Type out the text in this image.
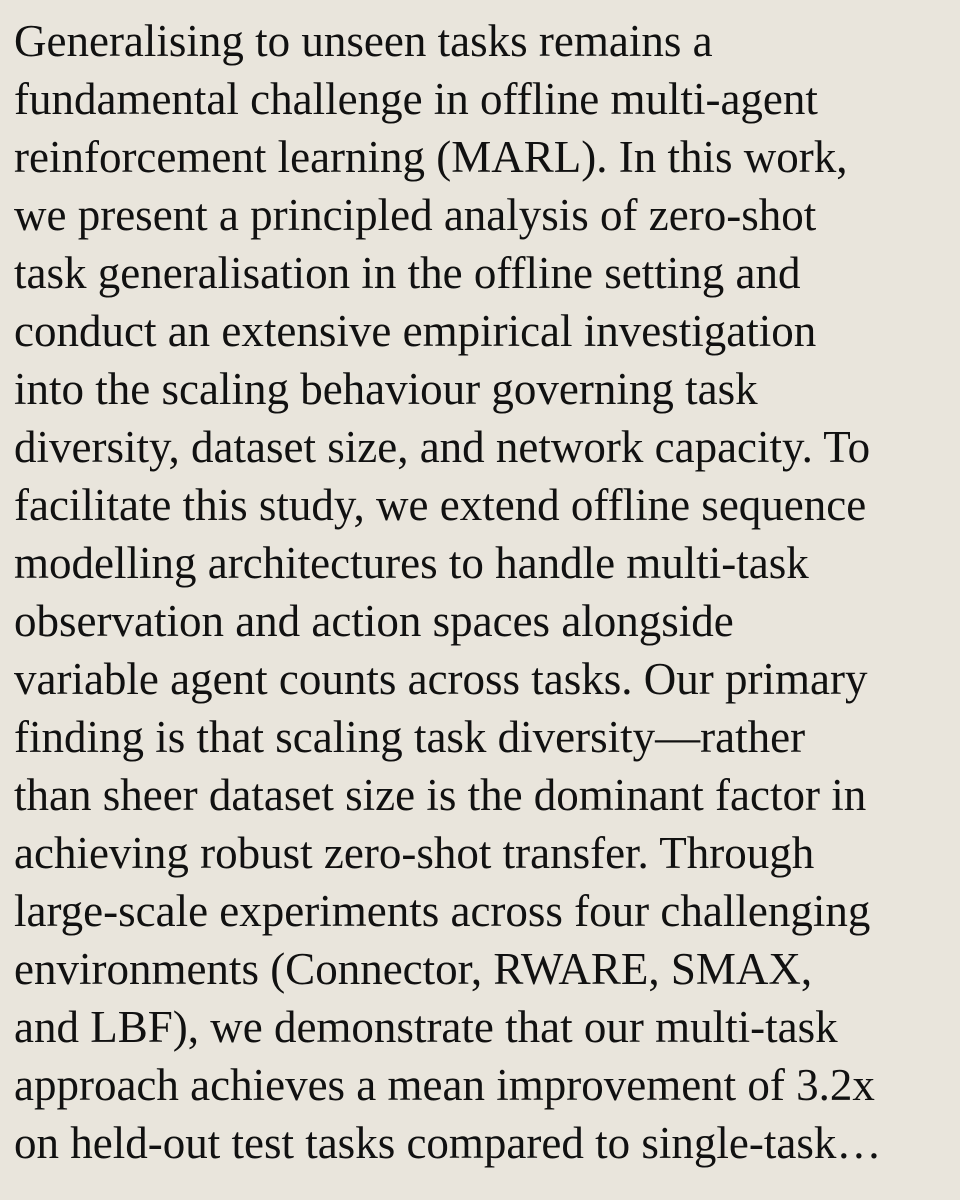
Generalising to unseen tasks remains a
fundamental challenge in offline multi-agent
reinforcement learning (MARL). In this work,
we present a principled analysis of zero-shot
task generalisation in the offline setting and
conduct an extensive empirical investigation
into the scaling behaviour governing task
diversity, dataset size, and network capacity. To
facilitate this study, we extend offline sequence
modelling architectures to handle multi-task
observation and action spaces alongside
variable agent counts across tasks. Our primary
finding is that scaling task diversity—rather
than sheer dataset size is the dominant factor in
achieving robust zero-shot transfer. Through
large-scale experiments across four challenging
environments (Connector, RWARE, SMAX,
and LBF), we demonstrate that our multi-task
approach achieves a mean improvement of 3.2x
on held-out test tasks compared to single-task…
